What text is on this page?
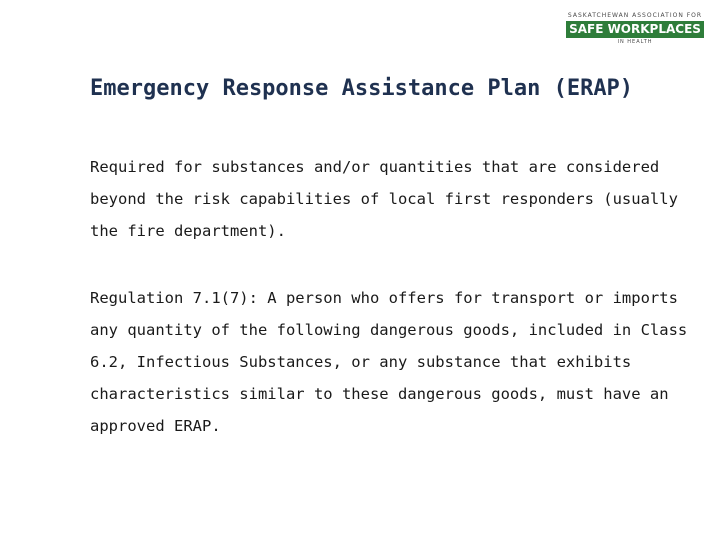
SASKATCHEWAN ASSOCIATION FOR
SAFE WORKPLACES
IN HEALTH
Emergency Response Assistance Plan (ERAP)

Required for substances and/or quantities that are considered beyond the risk capabilities of local first responders (usually the fire department).

Regulation 7.1(7): A person who offers for transport or imports any quantity of the following dangerous goods, included in Class 6.2, Infectious Substances, or any substance that exhibits characteristics similar to these dangerous goods, must have an approved ERAP.
